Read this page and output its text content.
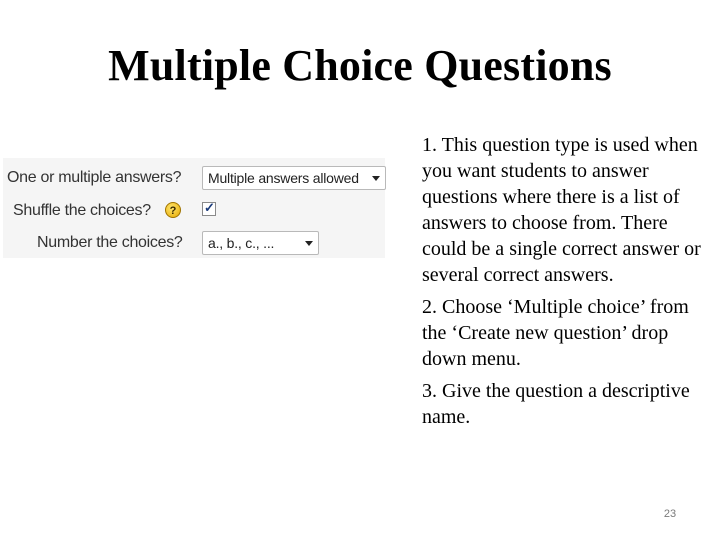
Multiple Choice Questions
One or multiple answers? Multiple answers allowed
Shuffle the choices?	?	✓
Number the choices? a., b., c., ...

1. This question type is used when you want students to answer questions where there is a list of answers to choose from. There could be a single correct answer or several correct answers.

2. Choose ‘Multiple choice’ from the ‘Create new question’ drop down menu.

3. Give the question a descriptive name.

23
